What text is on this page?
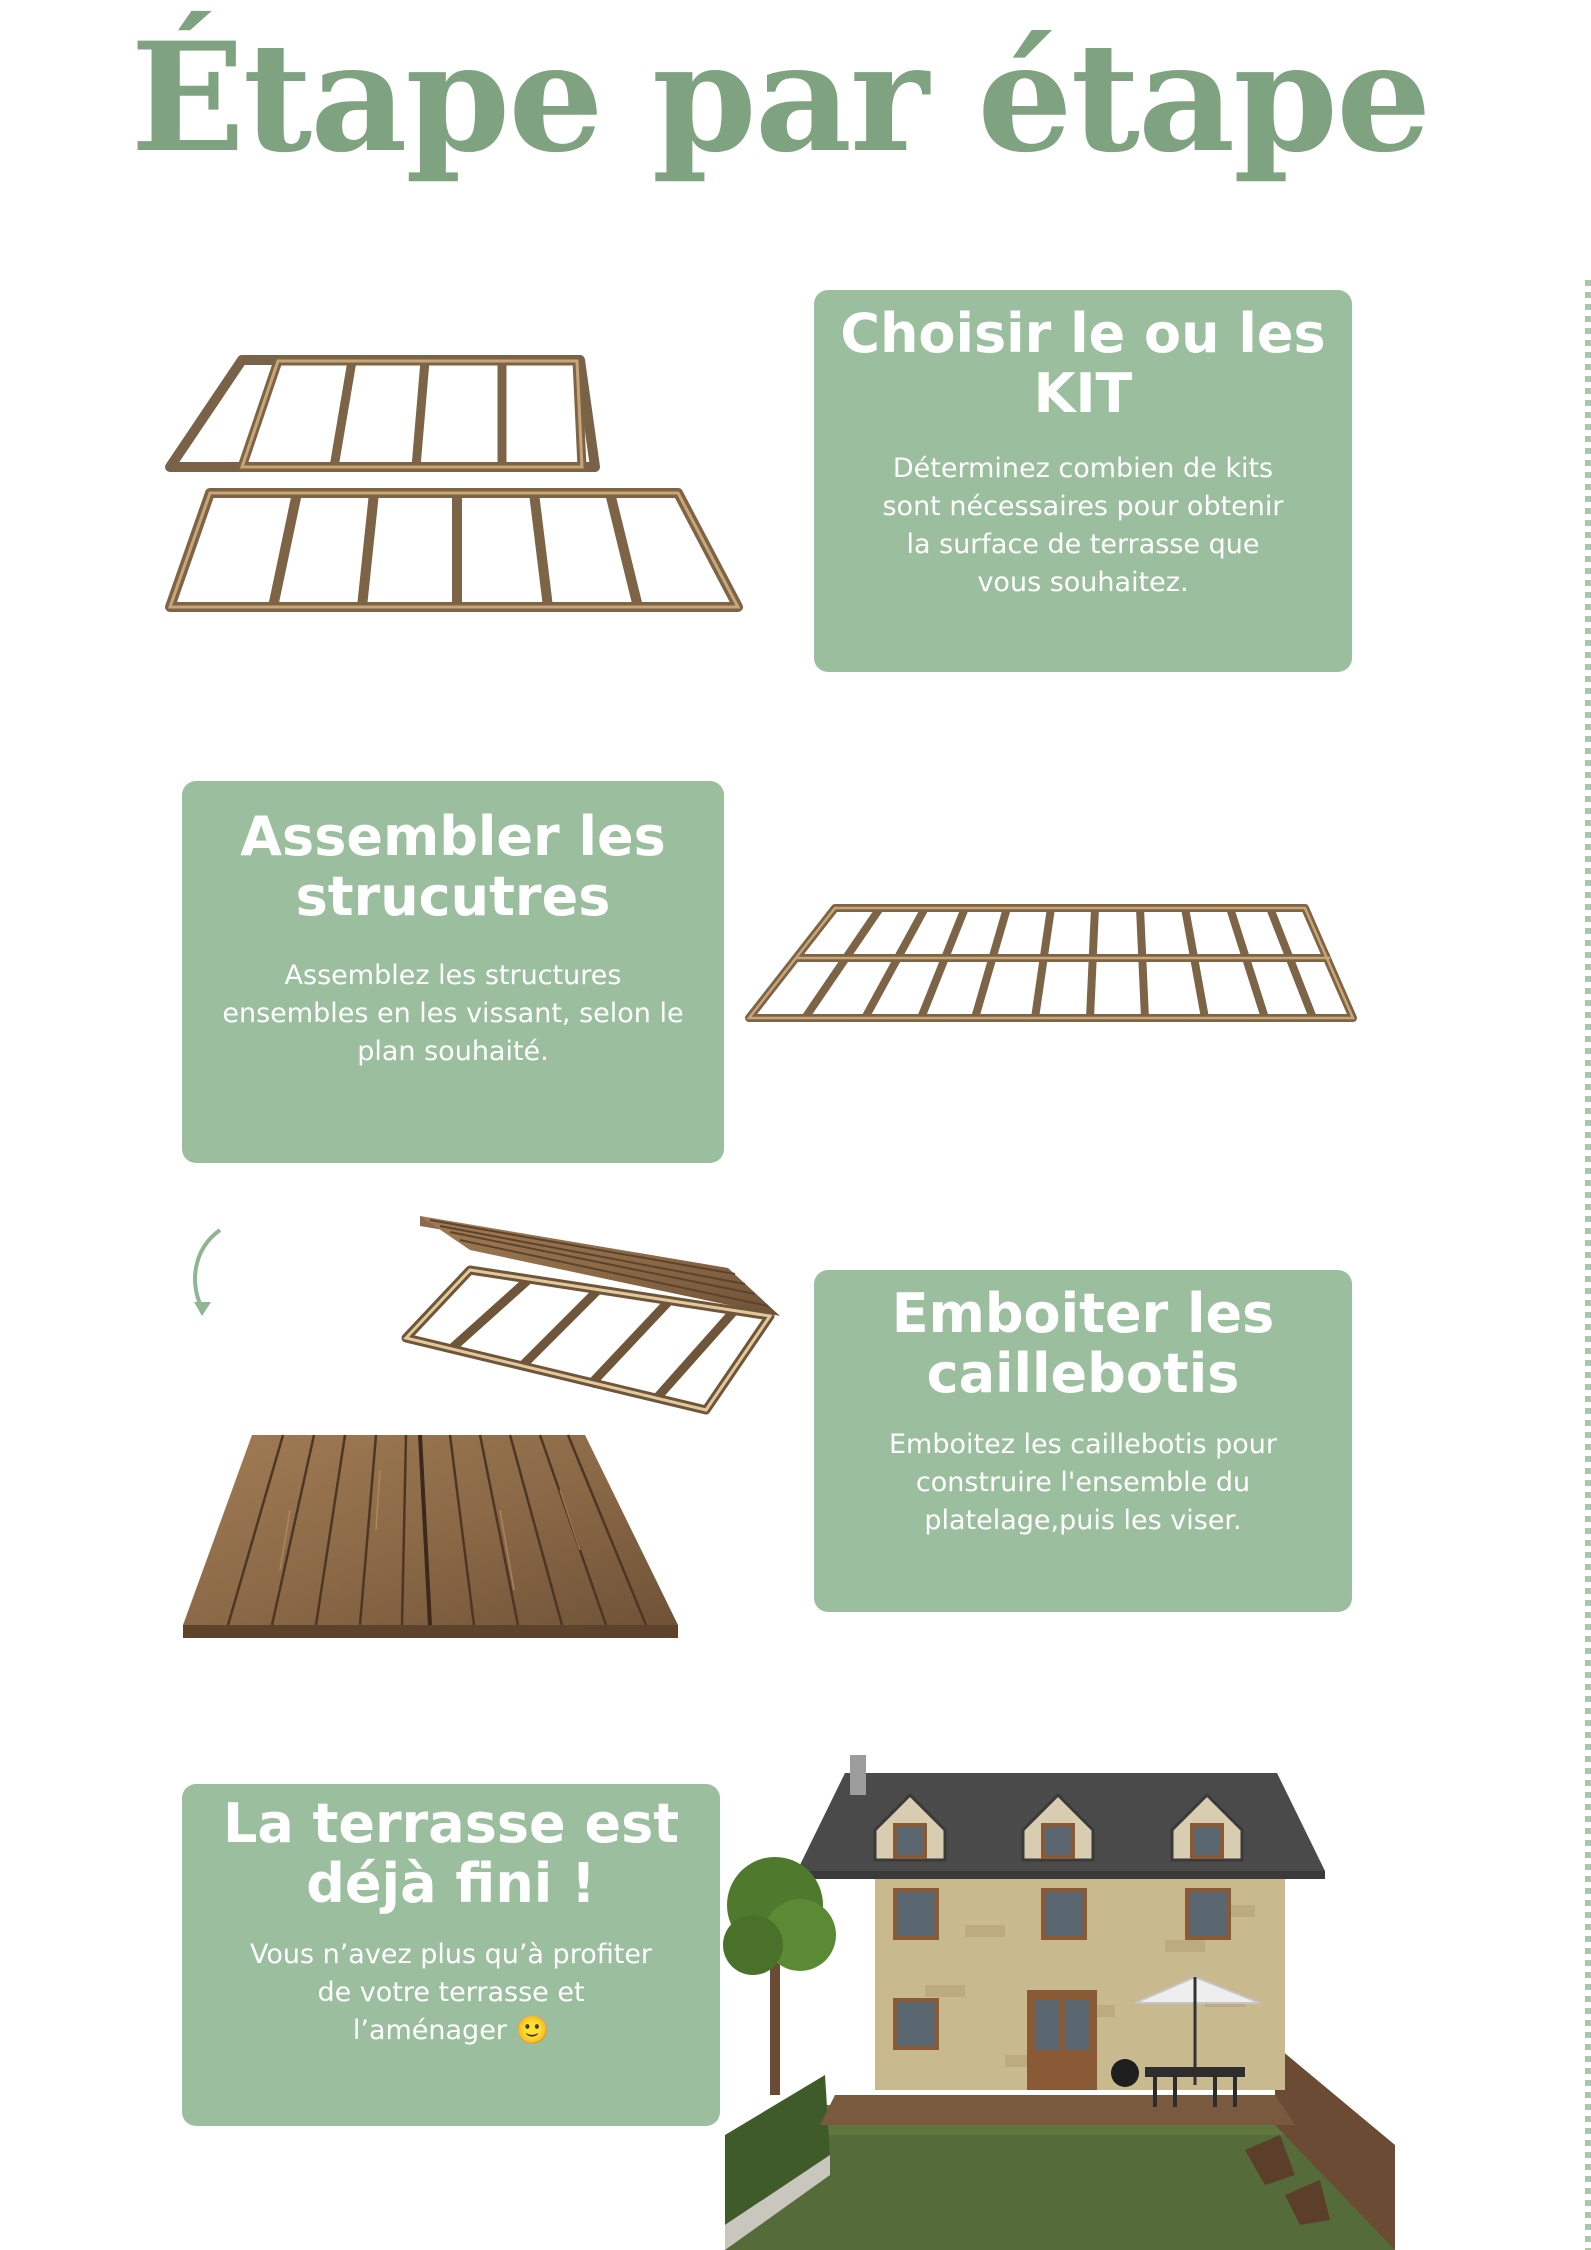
Étape par étape
Choisir le ou les
KIT

Déterminez combien de kits
sont nécessaires pour obtenir
la surface de terrasse que
vous souhaitez.

Assembler les
strucutres

Assemblez les structures
ensembles en les vissant, selon le
plan souhaité.

Emboiter les
caillebotis

Emboitez les caillebotis pour
construire l'ensemble du
platelage,puis les viser.

La terrasse est
déjà fini !

Vous n’avez plus qu’à profiter
de votre terrasse et
l’aménager 🙂
